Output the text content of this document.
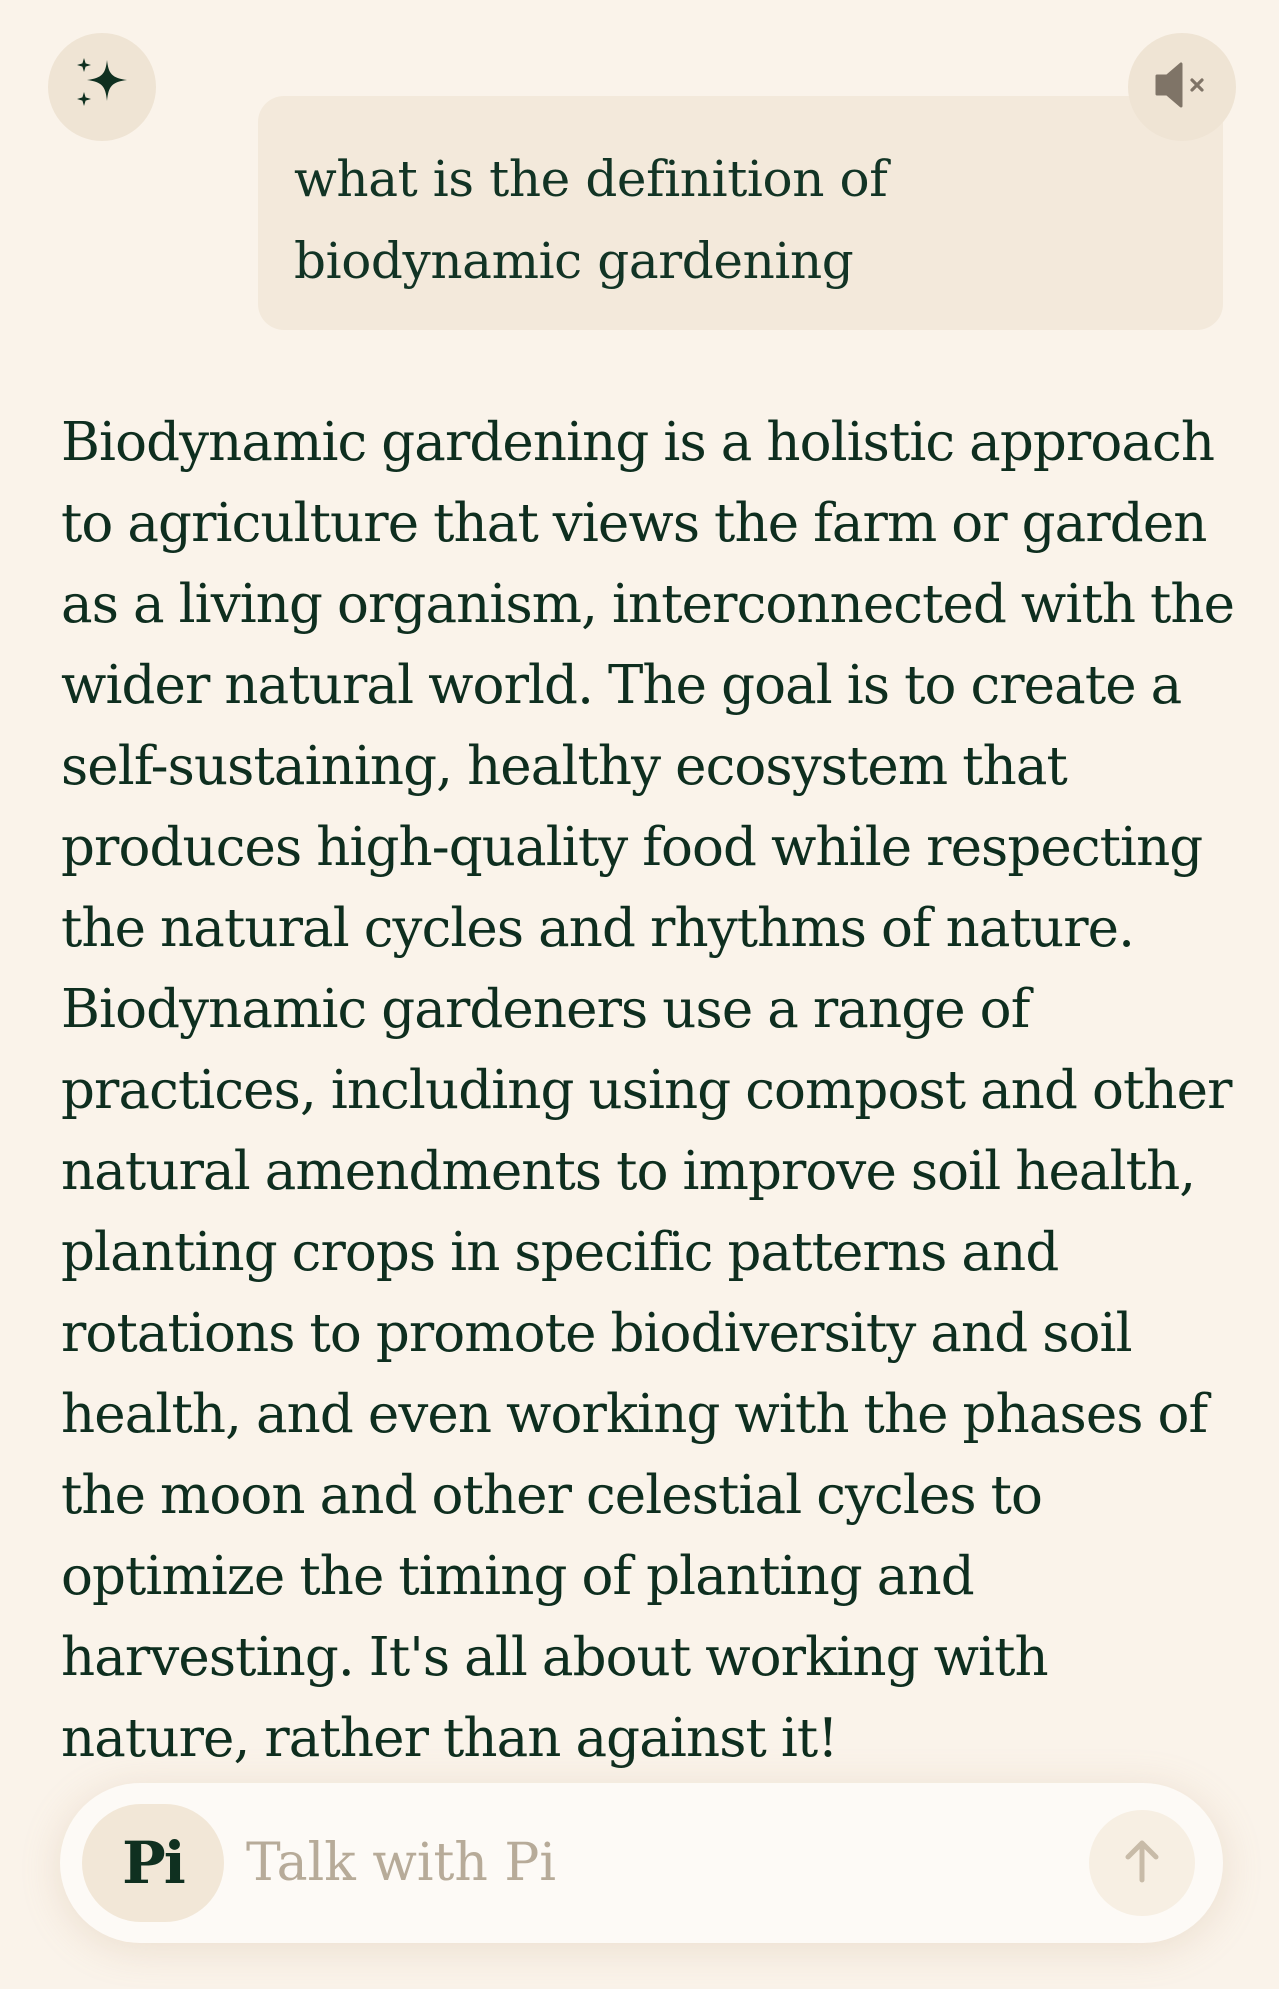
what is the definition of biodynamic gardening
Biodynamic gardening is a holistic approach to agriculture that views the farm or garden as a living organism, interconnected with the wider natural world. The goal is to create a self-sustaining, healthy ecosystem that produces high-quality food while respecting the natural cycles and rhythms of nature. Biodynamic gardeners use a range of practices, including using compost and other natural amendments to improve soil health, planting crops in specific patterns and rotations to promote biodiversity and soil health, and even working with the phases of the moon and other celestial cycles to optimize the timing of planting and harvesting. It's all about working with nature, rather than against it!
Pi
Talk with Pi
